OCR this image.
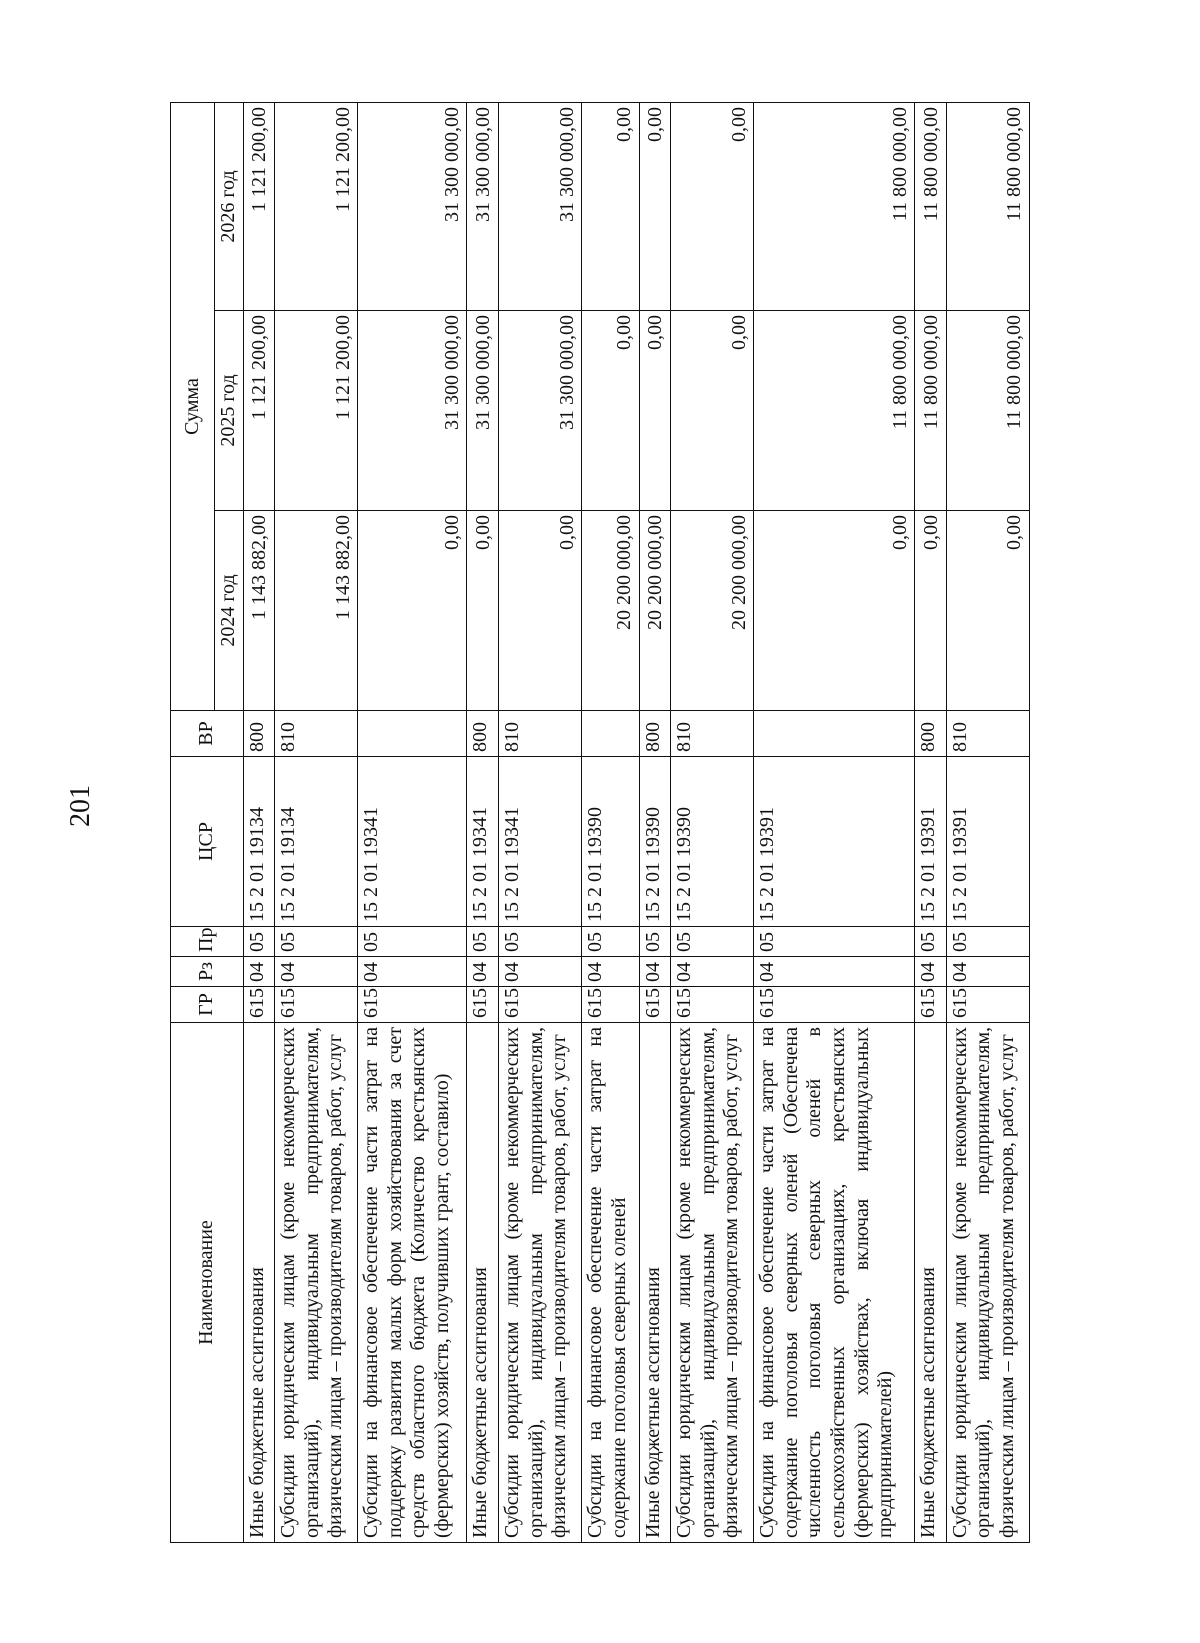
201
Наименование	ГР	Рз	Пр	ЦСР	ВР	Сумма		
						2024 год	2025 год	2026 год
Иные бюджетные ассигнования	615	04	05	15 2 01 19134	800	1 143 882,00	1 121 200,00	1 121 200,00
Субсидии юридическим лицам (кроме некоммерческих организаций), индивидуальным предпринимателям, физическим лицам – производителям товаров, работ, услуг	615	04	05	15 2 01 19134	810	1 143 882,00	1 121 200,00	1 121 200,00
Субсидии на финансовое обеспечение части затрат на поддержку развития малых форм хозяйствования за счет средств областного бюджета (Количество крестьянских (фермерских) хозяйств, получивших грант, составило)	615	04	05	15 2 01 19341		0,00	31 300 000,00	31 300 000,00
Иные бюджетные ассигнования	615	04	05	15 2 01 19341	800	0,00	31 300 000,00	31 300 000,00
Субсидии юридическим лицам (кроме некоммерческих организаций), индивидуальным предпринимателям, физическим лицам – производителям товаров, работ, услуг	615	04	05	15 2 01 19341	810	0,00	31 300 000,00	31 300 000,00
Субсидии на финансовое обеспечение части затрат на содержание поголовья северных оленей	615	04	05	15 2 01 19390		20 200 000,00	0,00	0,00
Иные бюджетные ассигнования	615	04	05	15 2 01 19390	800	20 200 000,00	0,00	0,00
Субсидии юридическим лицам (кроме некоммерческих организаций), индивидуальным предпринимателям, физическим лицам – производителям товаров, работ, услуг	615	04	05	15 2 01 19390	810	20 200 000,00	0,00	0,00
Субсидии на финансовое обеспечение части затрат на содержание поголовья северных оленей (Обеспечена численность поголовья северных оленей в сельскохозяйственных организациях, крестьянских (фермерских) хозяйствах, включая индивидуальных предпринимателей)	615	04	05	15 2 01 19391		0,00	11 800 000,00	11 800 000,00
Иные бюджетные ассигнования	615	04	05	15 2 01 19391	800	0,00	11 800 000,00	11 800 000,00
Субсидии юридическим лицам (кроме некоммерческих организаций), индивидуальным предпринимателям, физическим лицам – производителям товаров, работ, услуг	615	04	05	15 2 01 19391	810	0,00	11 800 000,00	11 800 000,00
